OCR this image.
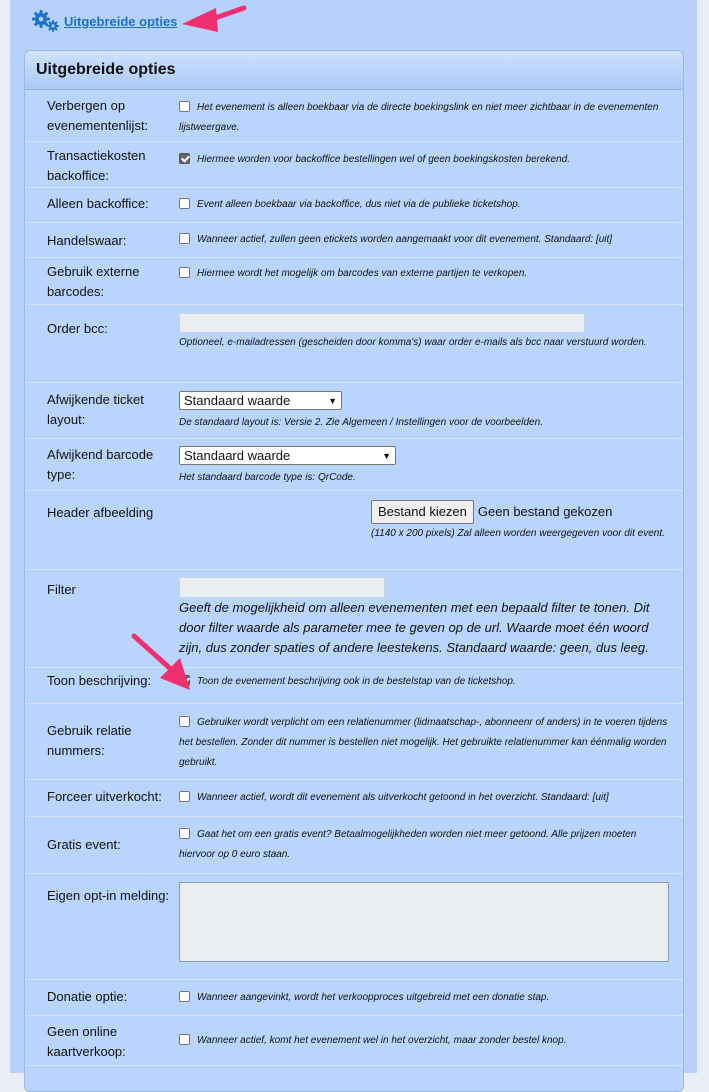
Uitgebreide opties
Uitgebreide opties
Verbergen op evenementenlijst:
Het evenement is alleen boekbaar via de directe boekingslink en niet meer zichtbaar in de evenementen lijstweergave.
Transactiekosten backoffice:
Hiermee worden voor backoffice bestellingen wel of geen boekingskosten berekend.
Alleen backoffice:	Event alleen boekbaar via backoffice, dus niet via de publieke ticketshop.
Handelswaar:	Wanneer actief, zullen geen etickets worden aangemaakt voor dit evenement. Standaard: [uit]
Gebruik externe barcodes:
Hiermee wordt het mogelijk om barcodes van externe partijen te verkopen.
Order bcc:
Optioneel, e-mailadressen (gescheiden door komma's) waar order e-mails als bcc naar verstuurd worden.
Afwijkende ticket layout:
Standaard waarde	▼
De standaard layout is: Versie 2. Zie Algemeen / Instellingen voor de voorbeelden.
Afwijkend barcode type:
Standaard waarde	▼
Het standaard barcode type is: QrCode.
Header afbeelding	Bestand kiezen Geen bestand gekozen
(1140 x 200 pixels) Zal alleen worden weergegeven voor dit event.
Filter
Geeft de mogelijkheid om alleen evenementen met een bepaald filter te tonen. Dit door filter waarde als parameter mee te geven op de url. Waarde moet één woord zijn, dus zonder spaties of andere leestekens. Standaard waarde: geen, dus leeg.
Toon beschrijving:	Toon de evenement beschrijving ook in de bestelstap van de ticketshop.
Gebruik relatie nummers:
Gebruiker wordt verplicht om een relatienummer (lidmaatschap-, abonneenr of anders) in te voeren tijdens het bestellen. Zonder dit nummer is bestellen niet mogelijk. Het gebruikte relatienummer kan éénmalig worden gebruikt.
Forceer uitverkocht:	Wanneer actief, wordt dit evenement als uitverkocht getoond in het overzicht. Standaard: [uit]
Gratis event:
Gaat het om een gratis event? Betaalmogelijkheden worden niet meer getoond. Alle prijzen moeten hiervoor op 0 euro staan.
Eigen opt-in melding:
Donatie optie:	Wanneer aangevinkt, wordt het verkoopproces uitgebreid met een donatie stap.
Geen online kaartverkoop:
Wanneer actief, komt het evenement wel in het overzicht, maar zonder bestel knop.
